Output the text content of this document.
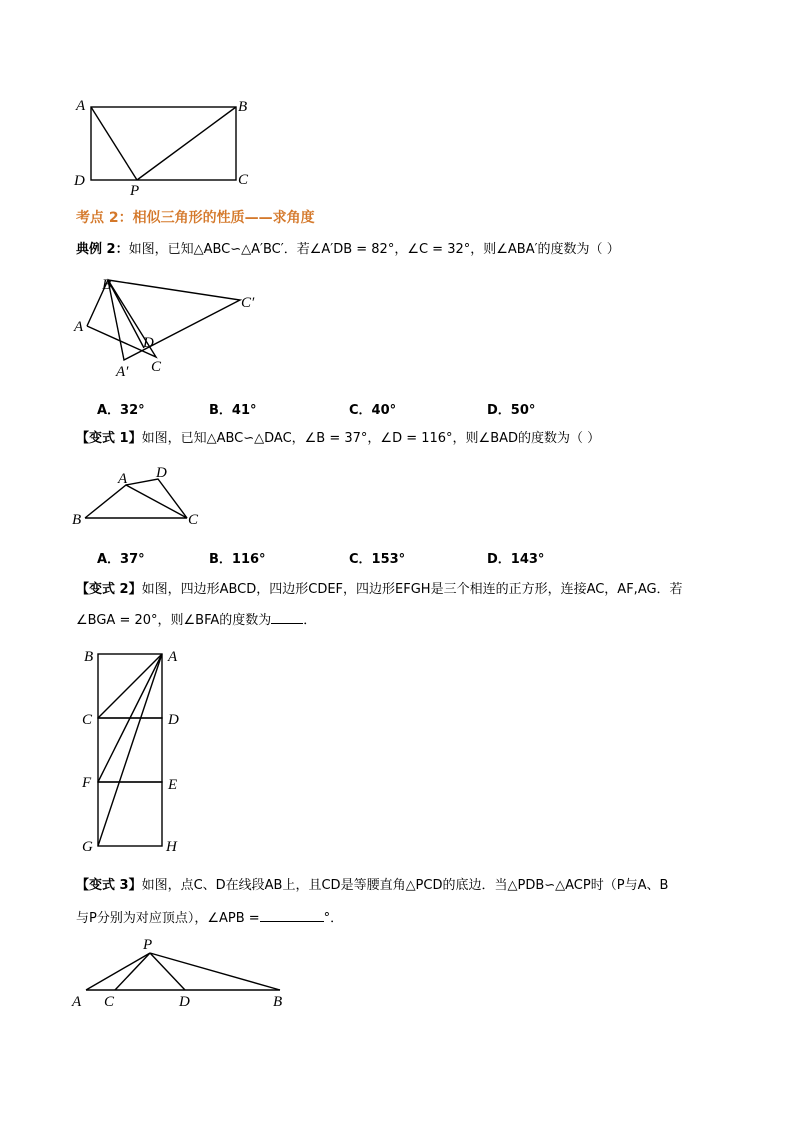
A	B
D	C
P
考点 2：相似三角形的性质——求角度
典例 2：如图，已知△ABC∽△A′BC′．若∠A′DB = 82°，∠C = 32°，则∠ABA′的度数为（ ）
B
C′
A
D
A′ C
A．32°	B．41°	C．40°	D．50°
【变式 1】如图，已知△ABC∽△DAC，∠B = 37°，∠D = 116°，则∠BAD的度数为（ ）
A D
B	C
A．37°	B．116°	C．153°	D．143°
【变式 2】如图，四边形ABCD，四边形CDEF，四边形EFGH是三个相连的正方形，连接AC，AF,AG．若
∠BGA = 20°，则∠BFA的度数为 ．
B	A
C	D
F	E
G	H
【变式 3】如图，点C、D在线段AB上，且CD是等腰直角△PCD的底边．当△PDB∽△ACP时（P与A、B
与P分别为对应顶点），∠APB =	°．
P
A C	D	B
